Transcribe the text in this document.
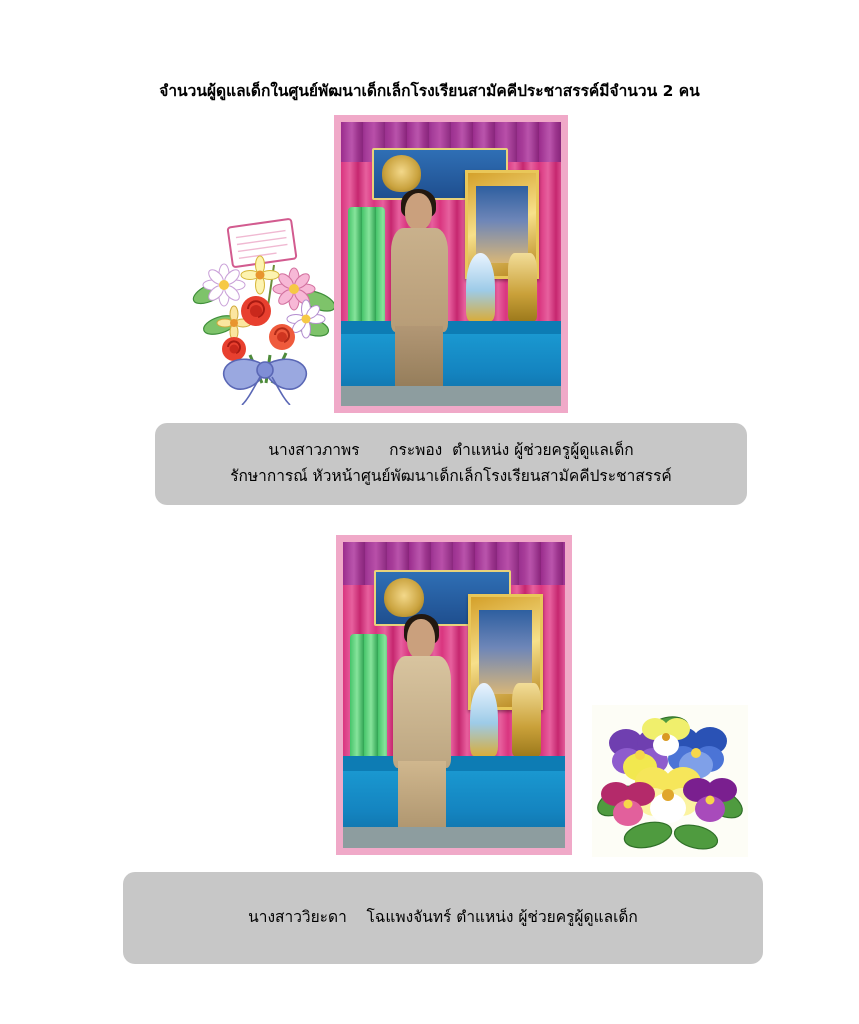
จำนวนผู้ดูแลเด็กในศูนย์พัฒนาเด็กเล็กโรงเรียนสามัคคีประชาสรรค์มีจำนวน 2 คน
นางสาวภาพร      กระพอง  ตำแหน่ง ผู้ช่วยครูผู้ดูแลเด็ก
รักษาการณ์ หัวหน้าศูนย์พัฒนาเด็กเล็กโรงเรียนสามัคคีประชาสรรค์
นางสาววิยะดา    โฉแพงจันทร์ ตำแหน่ง ผู้ช่วยครูผู้ดูแลเด็ก
